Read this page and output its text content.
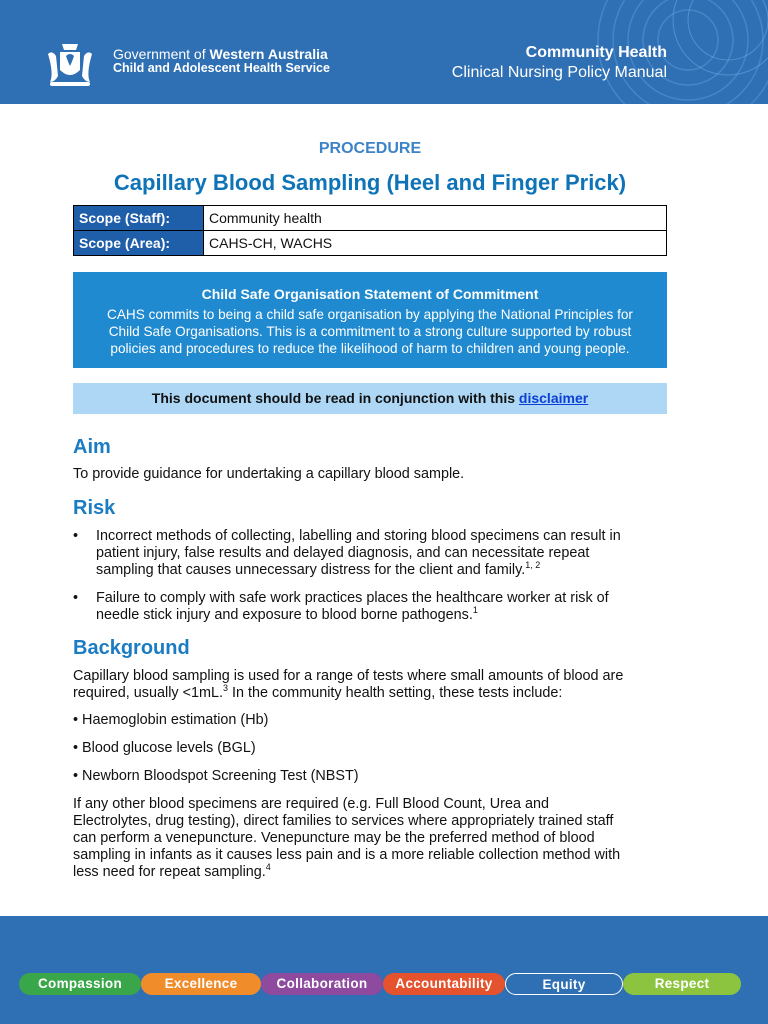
Government of Western Australia
Child and Adolescent Health Service
Community Health
Clinical Nursing Policy Manual
PROCEDURE
Capillary Blood Sampling (Heel and Finger Prick)
Scope (Staff):	Community health
Scope (Area):	CAHS-CH, WACHS
Child Safe Organisation Statement of Commitment
CAHS commits to being a child safe organisation by applying the National Principles for
Child Safe Organisations. This is a commitment to a strong culture supported by robust
policies and procedures to reduce the likelihood of harm to children and young people.
This document should be read in conjunction with this disclaimer
Aim
To provide guidance for undertaking a capillary blood sample.
Risk
• Incorrect methods of collecting, labelling and storing blood specimens can result in
patient injury, false results and delayed diagnosis, and can necessitate repeat
sampling that causes unnecessary distress for the client and family.$^{1, 2}$
• Failure to comply with safe work practices places the healthcare worker at risk of
needle stick injury and exposure to blood borne pathogens.$^1$
Background
Capillary blood sampling is used for a range of tests where small amounts of blood are
required, usually <1mL.$^3$ In the community health setting, these tests include:
• Haemoglobin estimation (Hb)
• Blood glucose levels (BGL)
• Newborn Bloodspot Screening Test (NBST)
If any other blood specimens are required (e.g. Full Blood Count, Urea and
Electrolytes, drug testing), direct families to services where appropriately trained staff
can perform a venepuncture. Venepuncture may be the preferred method of blood
sampling in infants as it causes less pain and is a more reliable collection method with
less need for repeat sampling.$^4$
Compassion	Excellence	Collaboration	Accountability	Equity	Respect
